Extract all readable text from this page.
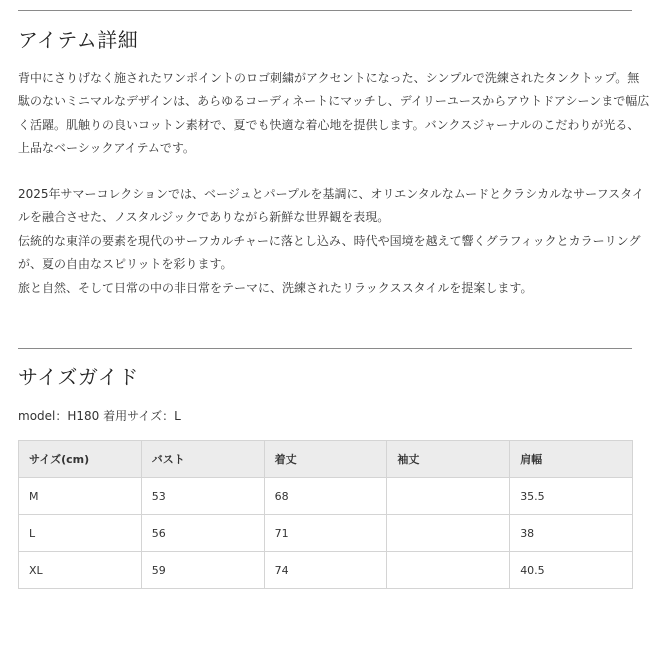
アイテム詳細

背中にさりげなく施されたワンポイントのロゴ刺繍がアクセントになった、シンプルで洗練されたタンクトップ。無
駄のないミニマルなデザインは、あらゆるコーディネートにマッチし、デイリーユースからアウトドアシーンまで幅広
く活躍。肌触りの良いコットン素材で、夏でも快適な着心地を提供します。バンクスジャーナルのこだわりが光る、
上品なベーシックアイテムです。

2025年サマーコレクションでは、ベージュとパープルを基調に、オリエンタルなムードとクラシカルなサーフスタイ
ルを融合させた、ノスタルジックでありながら新鮮な世界観を表現。
伝統的な東洋の要素を現代のサーフカルチャーに落とし込み、時代や国境を越えて響くグラフィックとカラーリング
が、夏の自由なスピリットを彩ります。
旅と自然、そして日常の中の非日常をテーマに、洗練されたリラックススタイルを提案します。

サイズガイド
model：H180 着用サイズ：L
サイズ(cm)	バスト	着丈	袖丈	肩幅
M	53	68		35.5
L	56	71		38
XL	59	74		40.5
